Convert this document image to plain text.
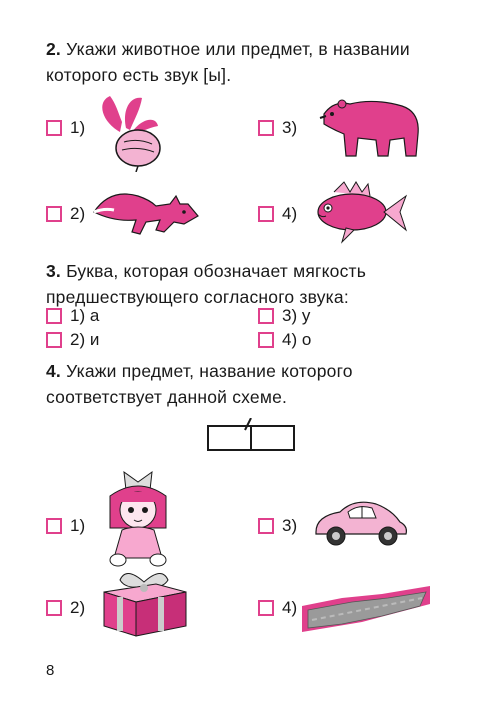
2. Укажи животное или предмет, в названии которого есть звук [ы].
1)	3)
2)	4)
3. Буква, которая обозначает мягкость предшествующего согласного звука:
1) а
2) и
3) у
4) о
4. Укажи предмет, название которого соответствует данной схеме.
1)	3)
2)	4)
8
